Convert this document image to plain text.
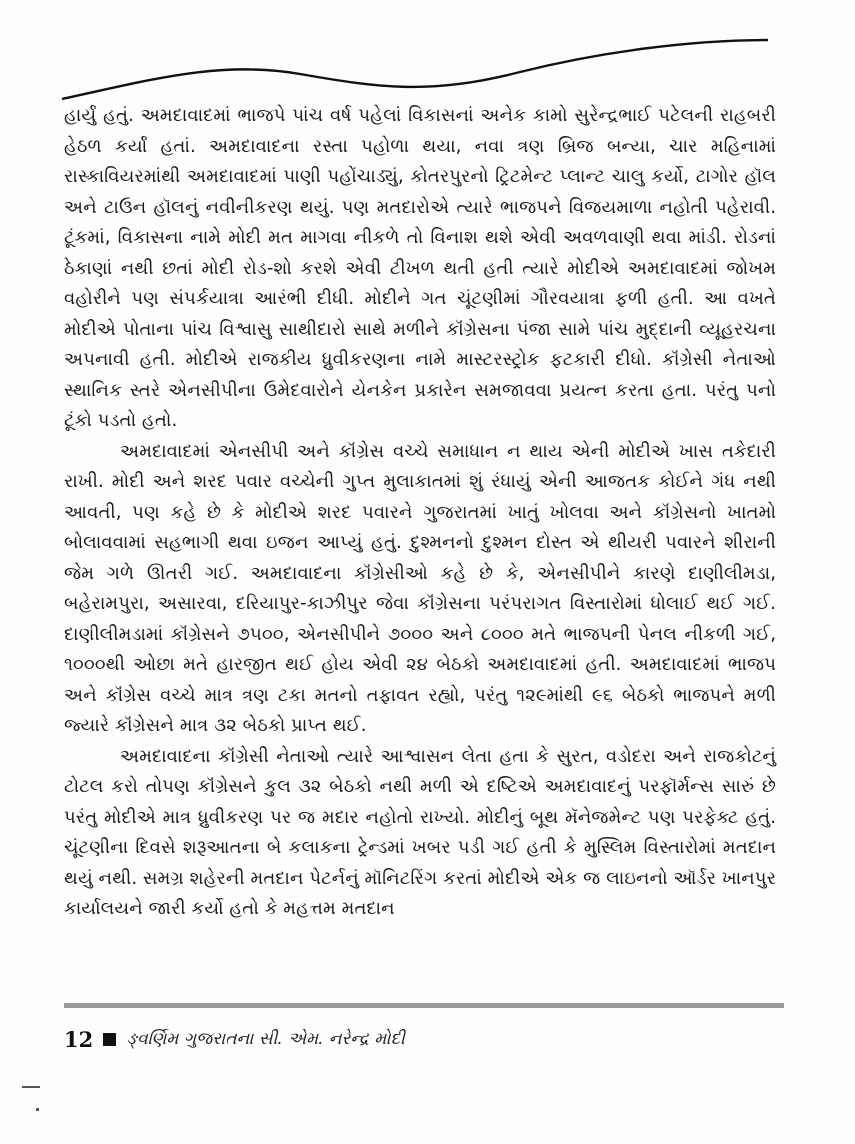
હાર્યું હતું. અમદાવાદમાં ભાજપે પાંચ વર્ષ પહેલાં વિકાસનાં અનેક કામો સુરેન્દ્રભાઈ પટેલની રાહબરી હેઠળ કર્યાં હતાં. અમદાવાદના રસ્તા પહોળા થયા, નવા ત્રણ બ્રિજ બન્યા, ચાર મહિનામાં રાસ્કાવિયરમાંથી અમદાવાદમાં પાણી પહોંચાડ્યું, કોતરપુરનો ટ્રિટમેન્ટ પ્લાન્ટ ચાલુ કર્યો, ટાગોર હૉલ અને ટાઉન હૉલનું નવીનીકરણ થયું. પણ મતદારોએ ત્યારે ભાજપને વિજયમાળા નહોતી પહેરાવી. ટૂંકમાં, વિકાસના નામે મોદી મત માગવા નીકળે તો વિનાશ થશે એવી અવળવાણી થવા માંડી. રોડનાં ઠેકાણાં નથી છતાં મોદી રોડ-શો કરશે એવી ટીખળ થતી હતી ત્યારે મોદીએ અમદાવાદમાં જોખમ વહોરીને પણ સંપર્કયાત્રા આરંભી દીધી. મોદીને ગત ચૂંટણીમાં ગૌરવયાત્રા ફળી હતી. આ વખતે મોદીએ પોતાના પાંચ વિશ્વાસુ સાથીદારો સાથે મળીને કૉંગ્રેસના પંજા સામે પાંચ મુદ્દાની વ્યૂહરચના અપનાવી હતી. મોદીએ રાજકીય ધ્રુવીકરણના નામે માસ્ટરસ્ટ્રોક ફટકારી દીધો. કૉંગ્રેસી નેતાઓ સ્થાનિક સ્તરે એનસીપીના ઉમેદવારોને યેનકેન પ્રકારેન સમજાવવા પ્રયત્ન કરતા હતા. પરંતુ પનો ટૂંકો પડતો હતો.

અમદાવાદમાં એનસીપી અને કૉંગ્રેસ વચ્ચે સમાધાન ન થાય એની મોદીએ ખાસ તકેદારી રાખી. મોદી અને શરદ પવાર વચ્ચેની ગુપ્ત મુલાકાતમાં શું રંધાયું એની આજતક કોઈને ગંધ નથી આવતી, પણ કહે છે કે મોદીએ શરદ પવારને ગુજરાતમાં ખાતું ખોલવા અને કૉંગ્રેસનો ખાતમો બોલાવવામાં સહભાગી થવા ઇજન આપ્યું હતું. દુશ્મનનો દુશ્મન દોસ્ત એ થીયરી પવારને શીરાની જેમ ગળે ઊતરી ગઈ. અમદાવાદના કૉંગ્રેસીઓ કહે છે કે, એનસીપીને કારણે દાણીલીમડા, બહેરામપુરા, અસારવા, દરિયાપુર-કાઝીપુર જેવા કૉંગ્રેસના પરંપરાગત વિસ્તારોમાં ધોલાઈ થઈ ગઈ. દાણીલીમડામાં કૉંગ્રેસને ૭૫૦૦, એનસીપીને ૭૦૦૦ અને ૮૦૦૦ મતે ભાજપની પેનલ નીકળી ગઈ, ૧૦૦૦થી ઓછા મતે હારજીત થઈ હોય એવી ૨૪ બેઠકો અમદાવાદમાં હતી. અમદાવાદમાં ભાજપ અને કૉંગ્રેસ વચ્ચે માત્ર ત્રણ ટકા મતનો તફાવત રહ્યો, પરંતુ ૧૨૯માંથી ૯૬ બેઠકો ભાજપને મળી જ્યારે કૉંગ્રેસને માત્ર ૩૨ બેઠકો પ્રાપ્ત થઈ.

અમદાવાદના કૉંગ્રેસી નેતાઓ ત્યારે આશ્વાસન લેતા હતા કે સુરત, વડોદરા અને રાજકોટનું ટોટલ કરો તોપણ કૉંગ્રેસને કુલ ૩૨ બેઠકો નથી મળી એ દષ્ટિએ અમદાવાદનું પરફૉર્મન્સ સારું છે પરંતુ મોદીએ માત્ર ધ્રુવીકરણ પર જ મદાર નહોતો રાખ્યો. મોદીનું બૂથ મૅનેજમેન્ટ પણ પરફેક્ટ હતું. ચૂંટણીના દિવસે શરૂઆતના બે કલાકના ટ્રેન્ડમાં ખબર પડી ગઈ હતી કે મુસ્લિમ વિસ્તારોમાં મતદાન થયું નથી. સમગ્ર શહેરની મતદાન પેટર્નનું મૉનિટરિંગ કરતાં મોદીએ એક જ લાઇનનો ઑર્ડર ખાનપુર કાર્યાલયને જારી કર્યો હતો કે મહત્તમ મતદાન

12 ઙ્વર્ણિમ ગુજરાતના સી. એમ. નરેન્દ્ર મોદી
